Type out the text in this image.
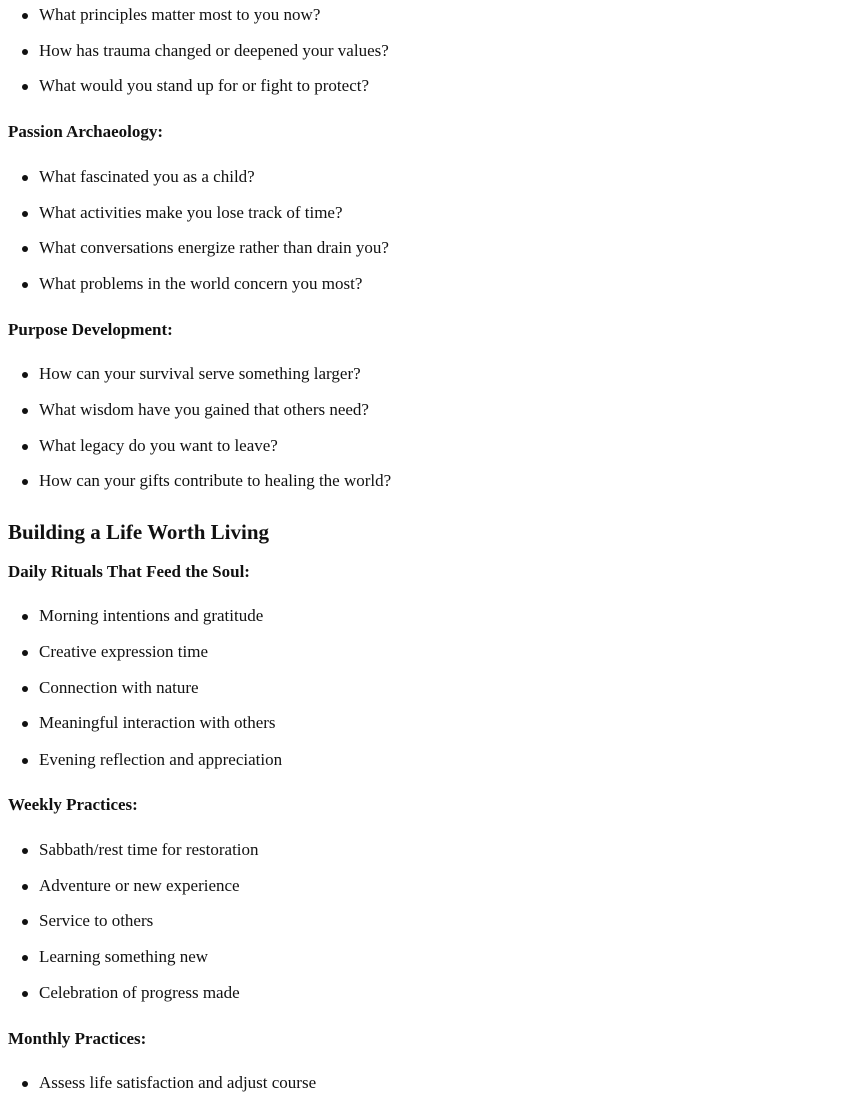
What principles matter most to you now?
How has trauma changed or deepened your values?
What would you stand up for or fight to protect?
Passion Archaeology:
What fascinated you as a child?
What activities make you lose track of time?
What conversations energize rather than drain you?
What problems in the world concern you most?
Purpose Development:
How can your survival serve something larger?
What wisdom have you gained that others need?
What legacy do you want to leave?
How can your gifts contribute to healing the world?
Building a Life Worth Living
Daily Rituals That Feed the Soul:
Morning intentions and gratitude
Creative expression time
Connection with nature
Meaningful interaction with others
Evening reflection and appreciation
Weekly Practices:
Sabbath/rest time for restoration
Adventure or new experience
Service to others
Learning something new
Celebration of progress made
Monthly Practices:
Assess life satisfaction and adjust course
